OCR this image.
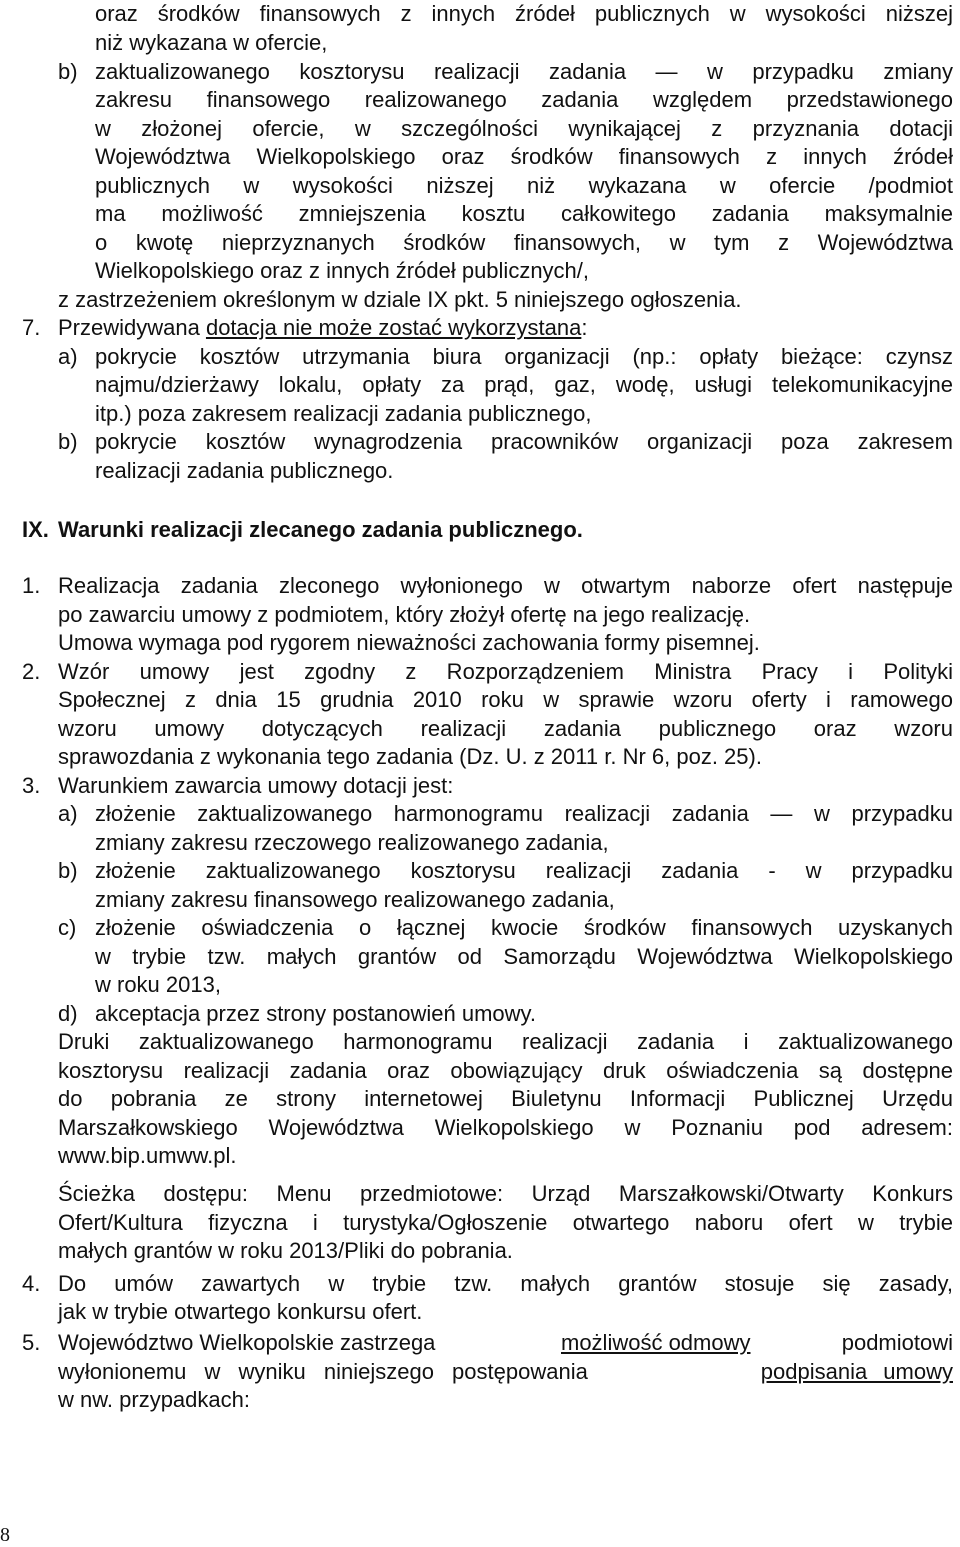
oraz środków finansowych z innych źródeł publicznych w wysokości niższej
niż wykazana w ofercie,
b) zaktualizowanego kosztorysu realizacji zadania — w przypadku zmiany
zakresu finansowego realizowanego zadania względem przedstawionego
w złożonej ofercie, w szczególności wynikającej z przyznania dotacji
Województwa Wielkopolskiego oraz środków finansowych z innych źródeł
publicznych w wysokości niższej niż wykazana w ofercie /podmiot
ma możliwość zmniejszenia kosztu całkowitego zadania maksymalnie
o kwotę nieprzyznanych środków finansowych, w tym z Województwa
Wielkopolskiego oraz z innych źródeł publicznych/,
z zastrzeżeniem określonym w dziale IX pkt. 5 niniejszego ogłoszenia.
7. Przewidywana dotacja nie może zostać wykorzystana:
a) pokrycie kosztów utrzymania biura organizacji (np.: opłaty bieżące: czynsz
najmu/dzierżawy lokalu, opłaty za prąd, gaz, wodę, usługi telekomunikacyjne
itp.) poza zakresem realizacji zadania publicznego,
b) pokrycie kosztów wynagrodzenia pracowników organizacji poza zakresem
realizacji zadania publicznego.
IX. Warunki realizacji zlecanego zadania publicznego.
1. Realizacja zadania zleconego wyłonionego w otwartym naborze ofert następuje
po zawarciu umowy z podmiotem, który złożył ofertę na jego realizację.
Umowa wymaga pod rygorem nieważności zachowania formy pisemnej.
2. Wzór umowy jest zgodny z Rozporządzeniem Ministra Pracy i Polityki
Społecznej z dnia 15 grudnia 2010 roku w sprawie wzoru oferty i ramowego
wzoru umowy dotyczących realizacji zadania publicznego oraz wzoru
sprawozdania z wykonania tego zadania (Dz. U. z 2011 r. Nr 6, poz. 25).
3. Warunkiem zawarcia umowy dotacji jest:
a) złożenie zaktualizowanego harmonogramu realizacji zadania — w przypadku
zmiany zakresu rzeczowego realizowanego zadania,
b) złożenie zaktualizowanego kosztorysu realizacji zadania - w przypadku
zmiany zakresu finansowego realizowanego zadania,
c) złożenie oświadczenia o łącznej kwocie środków finansowych uzyskanych
w trybie tzw. małych grantów od Samorządu Województwa Wielkopolskiego
w roku 2013,
d) akceptacja przez strony postanowień umowy.
Druki zaktualizowanego harmonogramu realizacji zadania i zaktualizowanego
kosztorysu realizacji zadania oraz obowiązujący druk oświadczenia są dostępne
do pobrania ze strony internetowej Biuletynu Informacji Publicznej Urzędu
Marszałkowskiego Województwa Wielkopolskiego w Poznaniu pod adresem:
www.bip.umww.pl.
Ścieżka dostępu: Menu przedmiotowe: Urząd Marszałkowski/Otwarty Konkurs
Ofert/Kultura fizyczna i turystyka/Ogłoszenie otwartego naboru ofert w trybie
małych grantów w roku 2013/Pliki do pobrania.
4. Do umów zawartych w trybie tzw. małych grantów stosuje się zasady,
jak w trybie otwartego konkursu ofert.
5. Województwo Wielkopolskie zastrzega	możliwość odmowy	podmiotowi
wyłonionemu w wyniku niniejszego postępowania	podpisania umowy
w nw. przypadkach:
8
